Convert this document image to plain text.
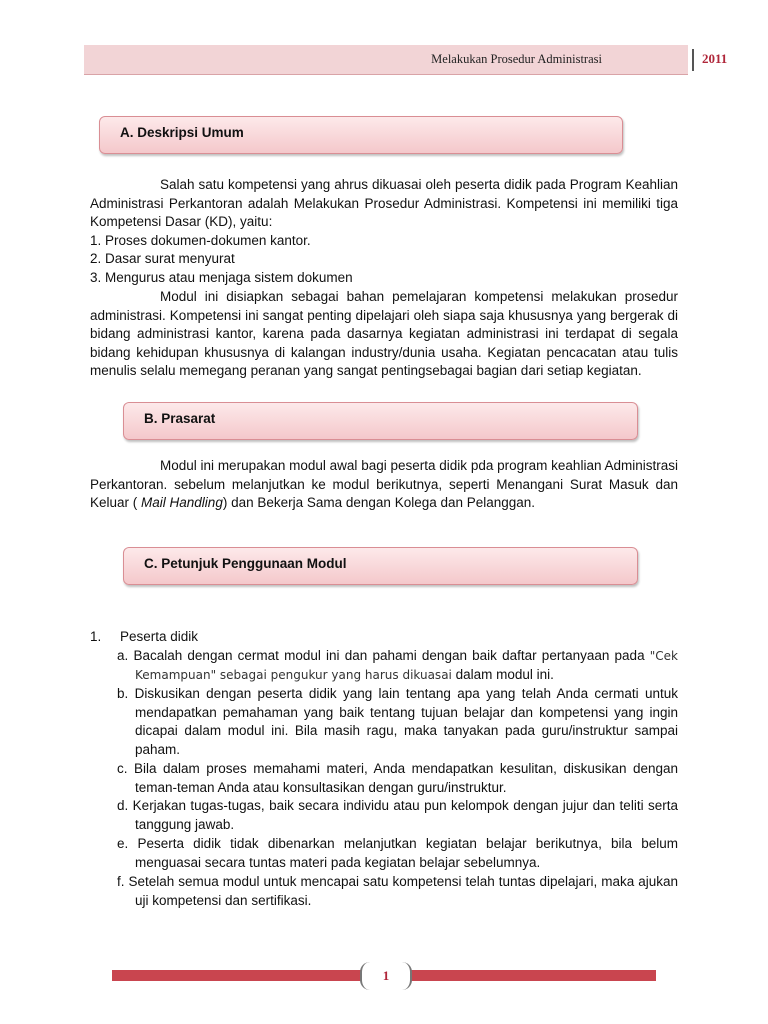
Melakukan Prosedur Administrasi	2011
A. Deskripsi Umum

Salah satu kompetensi yang ahrus dikuasai oleh peserta didik pada Program Keahlian Administrasi Perkantoran adalah Melakukan Prosedur Administrasi. Kompetensi ini memiliki tiga Kompetensi Dasar (KD), yaitu:

1. Proses dokumen-dokumen kantor.
2. Dasar surat menyurat
3. Mengurus atau menjaga sistem dokumen

Modul ini disiapkan sebagai bahan pemelajaran kompetensi melakukan prosedur administrasi. Kompetensi ini sangat penting dipelajari oleh siapa saja khususnya yang bergerak di bidang administrasi kantor, karena pada dasarnya kegiatan administrasi ini terdapat di segala bidang kehidupan khususnya di kalangan industry/dunia usaha. Kegiatan pencacatan atau tulis menulis selalu memegang peranan yang sangat pentingsebagai bagian dari setiap kegiatan.

B. Prasarat

Modul ini merupakan modul awal bagi peserta didik pda program keahlian Administrasi Perkantoran. sebelum melanjutkan ke modul berikutnya, seperti Menangani Surat Masuk dan Keluar ( Mail Handling) dan Bekerja Sama dengan Kolega dan Pelanggan.

C. Petunjuk Penggunaan Modul
1.     Peserta didik

a. Bacalah dengan cermat modul ini dan pahami dengan baik daftar pertanyaan pada "Cek Kemampuan" sebagai pengukur yang harus dikuasai dalam modul ini.

b. Diskusikan dengan peserta didik yang lain tentang apa yang telah Anda cermati untuk mendapatkan pemahaman yang baik tentang tujuan belajar dan kompetensi yang ingin dicapai dalam modul ini. Bila masih ragu, maka tanyakan pada guru/instruktur sampai paham.

c. Bila dalam proses memahami materi, Anda mendapatkan kesulitan, diskusikan dengan teman-teman Anda atau konsultasikan dengan guru/instruktur.

d. Kerjakan tugas-tugas, baik secara individu atau pun kelompok dengan jujur dan teliti serta tanggung jawab.

e. Peserta didik tidak dibenarkan melanjutkan kegiatan belajar berikutnya, bila belum menguasai secara tuntas materi pada kegiatan belajar sebelumnya.

f. Setelah semua modul untuk mencapai satu kompetensi telah tuntas dipelajari, maka ajukan uji kompetensi dan sertifikasi.

1
